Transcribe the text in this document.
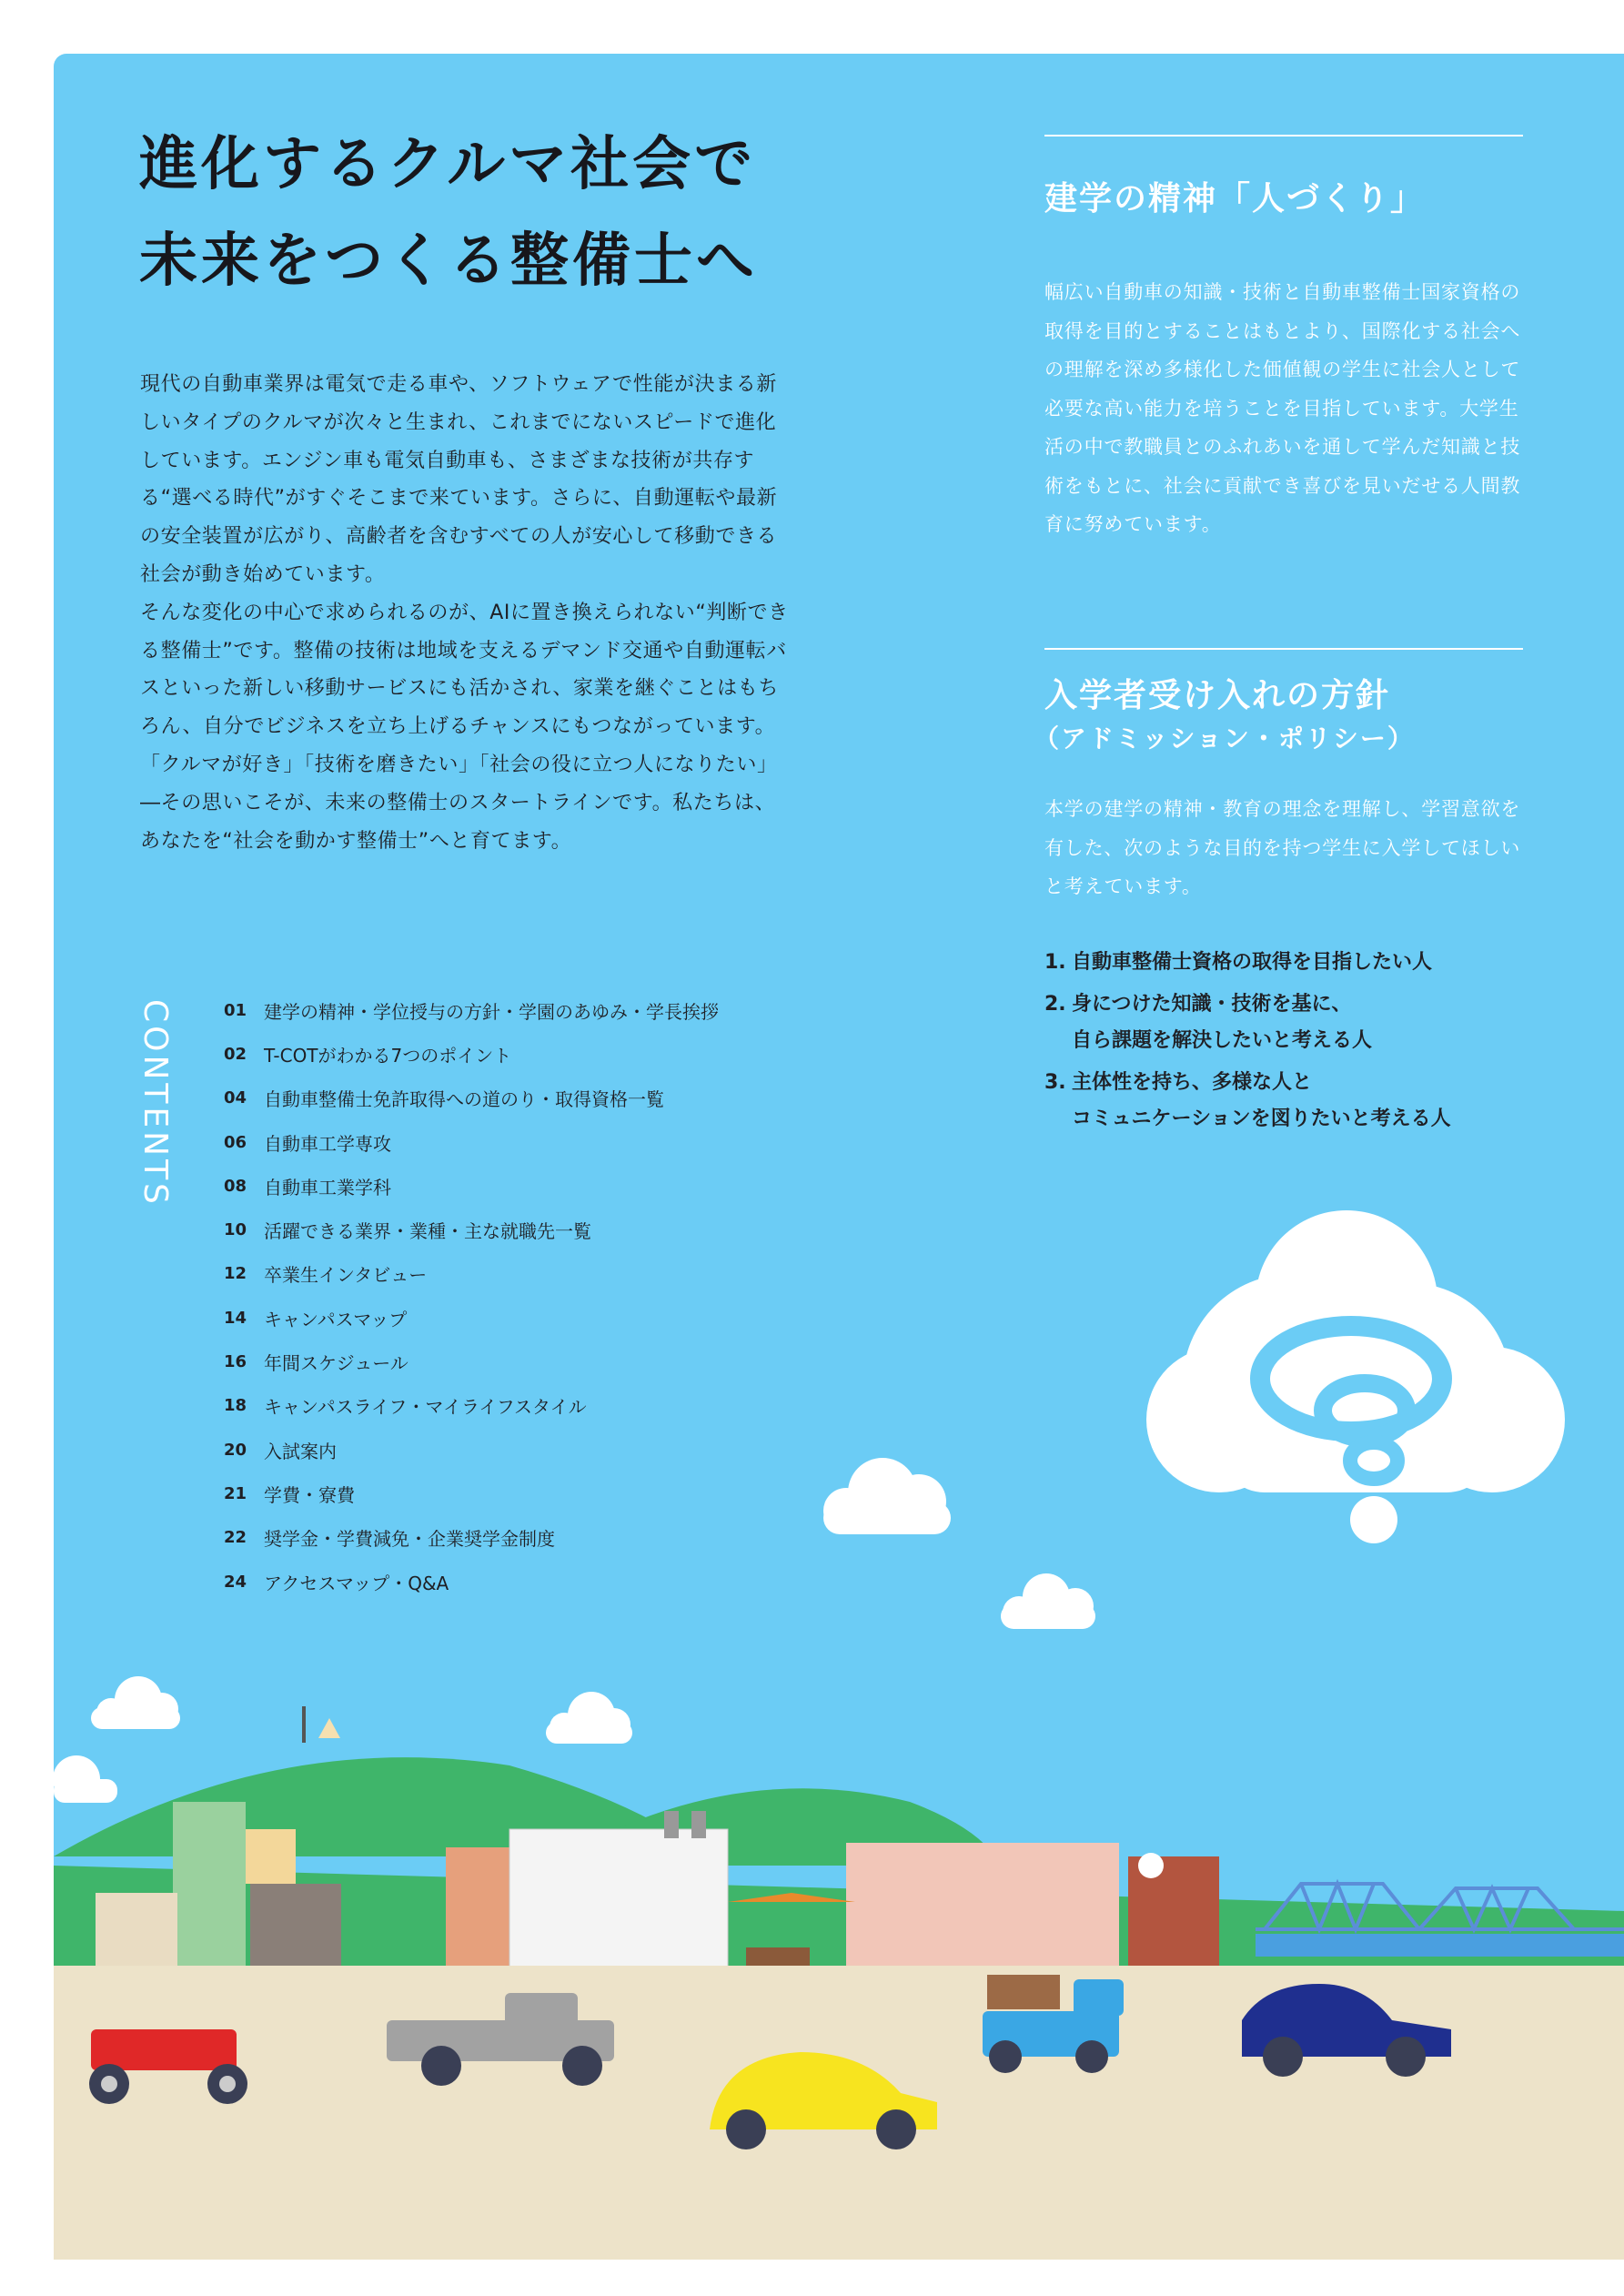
進化するクルマ社会で
未来をつくる整備士へ

現代の自動車業界は電気で走る車や、ソフトウェアで性能が決まる新しいタイプのクルマが次々と生まれ、これまでにないスピードで進化しています。エンジン車も電気自動車も、さまざまな技術が共存する“選べる時代”がすぐそこまで来ています。さらに、自動運転や最新の安全装置が広がり、高齢者を含むすべての人が安心して移動できる社会が動き始めています。

そんな変化の中心で求められるのが、AIに置き換えられない“判断できる整備士”です。整備の技術は地域を支えるデマンド交通や自動運転バスといった新しい移動サービスにも活かされ、家業を継ぐことはもちろん、自分でビジネスを立ち上げるチャンスにもつながっています。

「クルマが好き」「技術を磨きたい」「社会の役に立つ人になりたい」―その思いこそが、未来の整備士のスタートラインです。私たちは、あなたを“社会を動かす整備士”へと育てます。

CONTENTS	01 建学の精神・学位授与の方針・学園のあゆみ・学長挨拶
02 T-COTがわかる7つのポイント
04 自動車整備士免許取得への道のり・取得資格一覧
06 自動車工学専攻
08 自動車工業学科
10 活躍できる業界・業種・主な就職先一覧
12 卒業生インタビュー
14 キャンパスマップ
16 年間スケジュール
18 キャンパスライフ・マイライフスタイル
20 入試案内
21 学費・寮費
22 奨学金・学費減免・企業奨学金制度
24 アクセスマップ・Q&A
建学の精神「人づくり」

幅広い自動車の知識・技術と自動車整備士国家資格の取得を目的とすることはもとより、国際化する社会への理解を深め多様化した価値観の学生に社会人として必要な高い能力を培うことを目指しています。大学生活の中で教職員とのふれあいを通して学んだ知識と技術をもとに、社会に貢献でき喜びを見いだせる人間教育に努めています。

入学者受け入れの方針
（アドミッション・ポリシー）

本学の建学の精神・教育の理念を理解し、学習意欲を有した、次のような目的を持つ学生に入学してほしいと考えています。

1. 自動車整備士資格の取得を目指したい人
2. 身につけた知識・技術を基に、
自ら課題を解決したいと考える人
3. 主体性を持ち、多様な人と
コミュニケーションを図りたいと考える人
